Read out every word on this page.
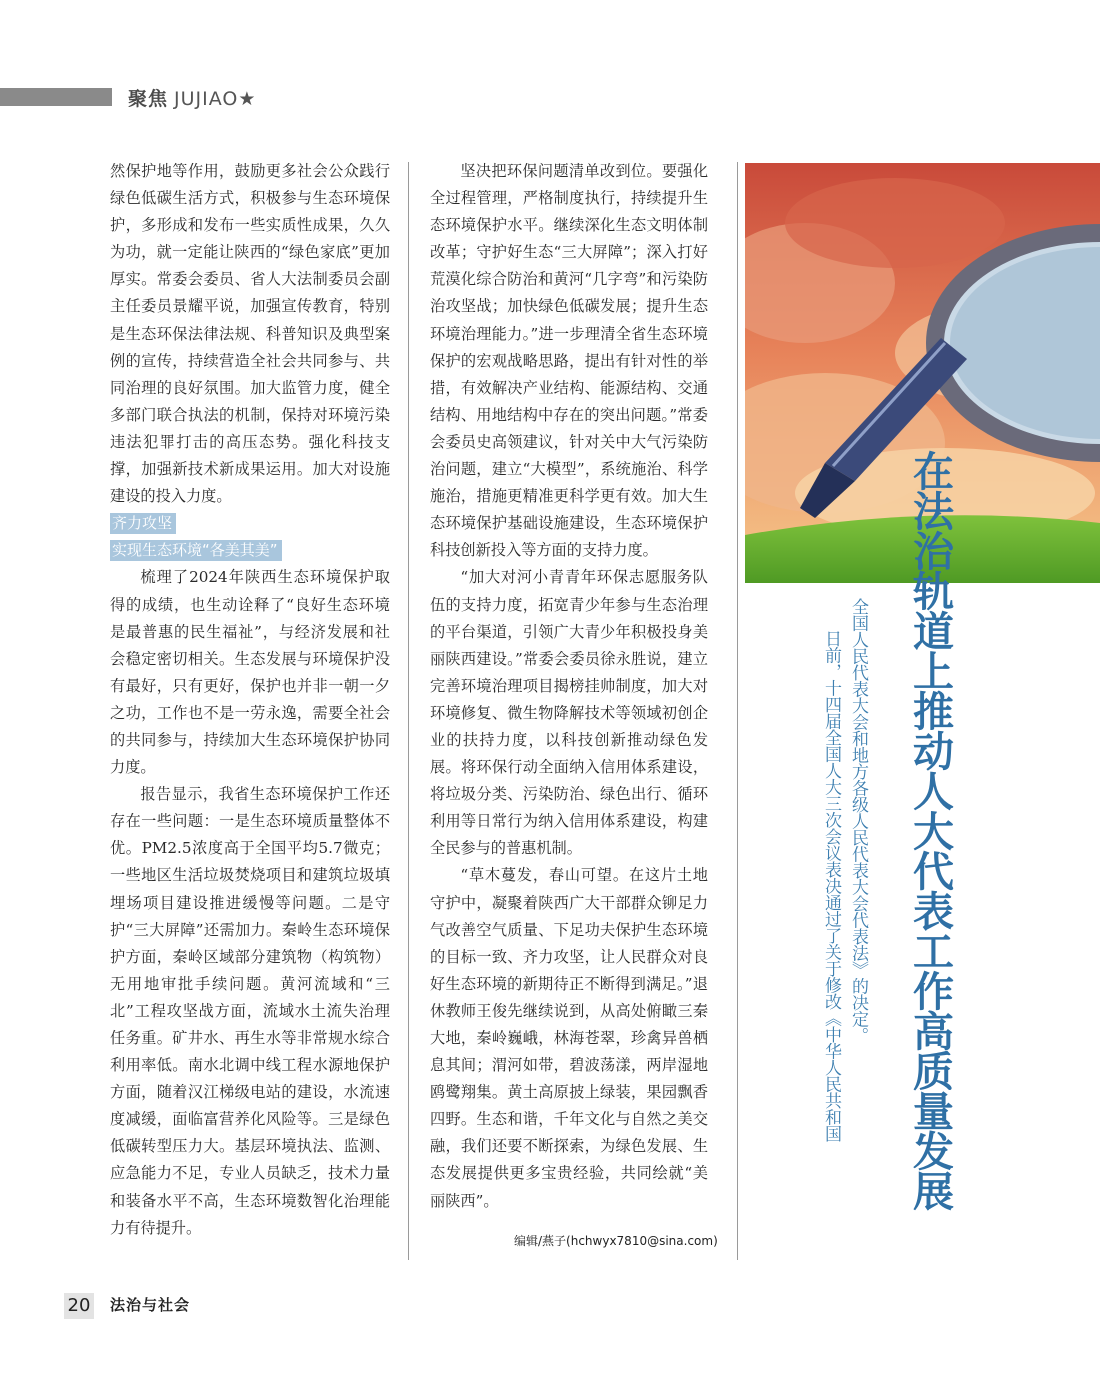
聚焦 JUJIAO★

然保护地等作用，鼓励更多社会公众践行绿色低碳生活方式，积极参与生态环境保护，多形成和发布一些实质性成果，久久为功，就一定能让陕西的“绿色家底”更加厚实。常委会委员、省人大法制委员会副主任委员景耀平说，加强宣传教育，特别是生态环保法律法规、科普知识及典型案例的宣传，持续营造全社会共同参与、共同治理的良好氛围。加大监管力度，健全多部门联合执法的机制，保持对环境污染违法犯罪打击的高压态势。强化科技支撑，加强新技术新成果运用。加大对设施建设的投入力度。

齐力攻坚
实现生态环境“各美其美”

梳理了2024年陕西生态环境保护取得的成绩，也生动诠释了“良好生态环境是最普惠的民生福祉”，与经济发展和社会稳定密切相关。生态发展与环境保护没有最好，只有更好，保护也并非一朝一夕之功，工作也不是一劳永逸，需要全社会的共同参与，持续加大生态环境保护协同力度。

报告显示，我省生态环境保护工作还存在一些问题：一是生态环境质量整体不优。PM2.5浓度高于全国平均5.7微克；一些地区生活垃圾焚烧项目和建筑垃圾填埋场项目建设推进缓慢等问题。二是守护“三大屏障”还需加力。秦岭生态环境保护方面，秦岭区域部分建筑物（构筑物）无用地审批手续问题。黄河流域和“三北”工程攻坚战方面，流域水土流失治理任务重。矿井水、再生水等非常规水综合利用率低。南水北调中线工程水源地保护方面，随着汉江梯级电站的建设，水流速度减缓，面临富营养化风险等。三是绿色低碳转型压力大。基层环境执法、监测、应急能力不足，专业人员缺乏，技术力量和装备水平不高，生态环境数智化治理能力有待提升。

坚决把环保问题清单改到位。要强化全过程管理，严格制度执行，持续提升生态环境保护水平。继续深化生态文明体制改革；守护好生态“三大屏障”；深入打好荒漠化综合防治和黄河“几字弯”和污染防治攻坚战；加快绿色低碳发展；提升生态环境治理能力。”进一步理清全省生态环境保护的宏观战略思路，提出有针对性的举措，有效解决产业结构、能源结构、交通结构、用地结构中存在的突出问题。”常委会委员史高领建议，针对关中大气污染防治问题，建立“大模型”，系统施治、科学施治，措施更精准更科学更有效。加大生态环境保护基础设施建设，生态环境保护科技创新投入等方面的支持力度。

“加大对河小青青年环保志愿服务队伍的支持力度，拓宽青少年参与生态治理的平台渠道，引领广大青少年积极投身美丽陕西建设。”常委会委员徐永胜说，建立完善环境治理项目揭榜挂帅制度，加大对环境修复、微生物降解技术等领域初创企业的扶持力度，以科技创新推动绿色发展。将环保行动全面纳入信用体系建设，将垃圾分类、污染防治、绿色出行、循环利用等日常行为纳入信用体系建设，构建全民参与的普惠机制。

“草木蔓发，春山可望。在这片土地守护中，凝聚着陕西广大干部群众铆足力气改善空气质量、下足功夫保护生态环境的目标一致、齐力攻坚，让人民群众对良好生态环境的新期待正不断得到满足。”退休教师王俊先继续说到，从高处俯瞰三秦大地，秦岭巍峨，林海苍翠，珍禽异兽栖息其间；渭河如带，碧波荡漾，两岸湿地鸥鹭翔集。黄土高原披上绿装，果园飘香四野。生态和谐，千年文化与自然之美交融，我们还要不断探索，为绿色发展、生态发展提供更多宝贵经验，共同绘就“美丽陕西”。

编辑/燕子(hchwyx7810@sina.com)
在法治轨道上推动人大代表工作高质量发展
全国人民代表大会和地方各级人民代表大会代表法》的决定。
日前，十四届全国人大三次会议表决通过了关于修改《中华人民共和国
20 法治与社会
